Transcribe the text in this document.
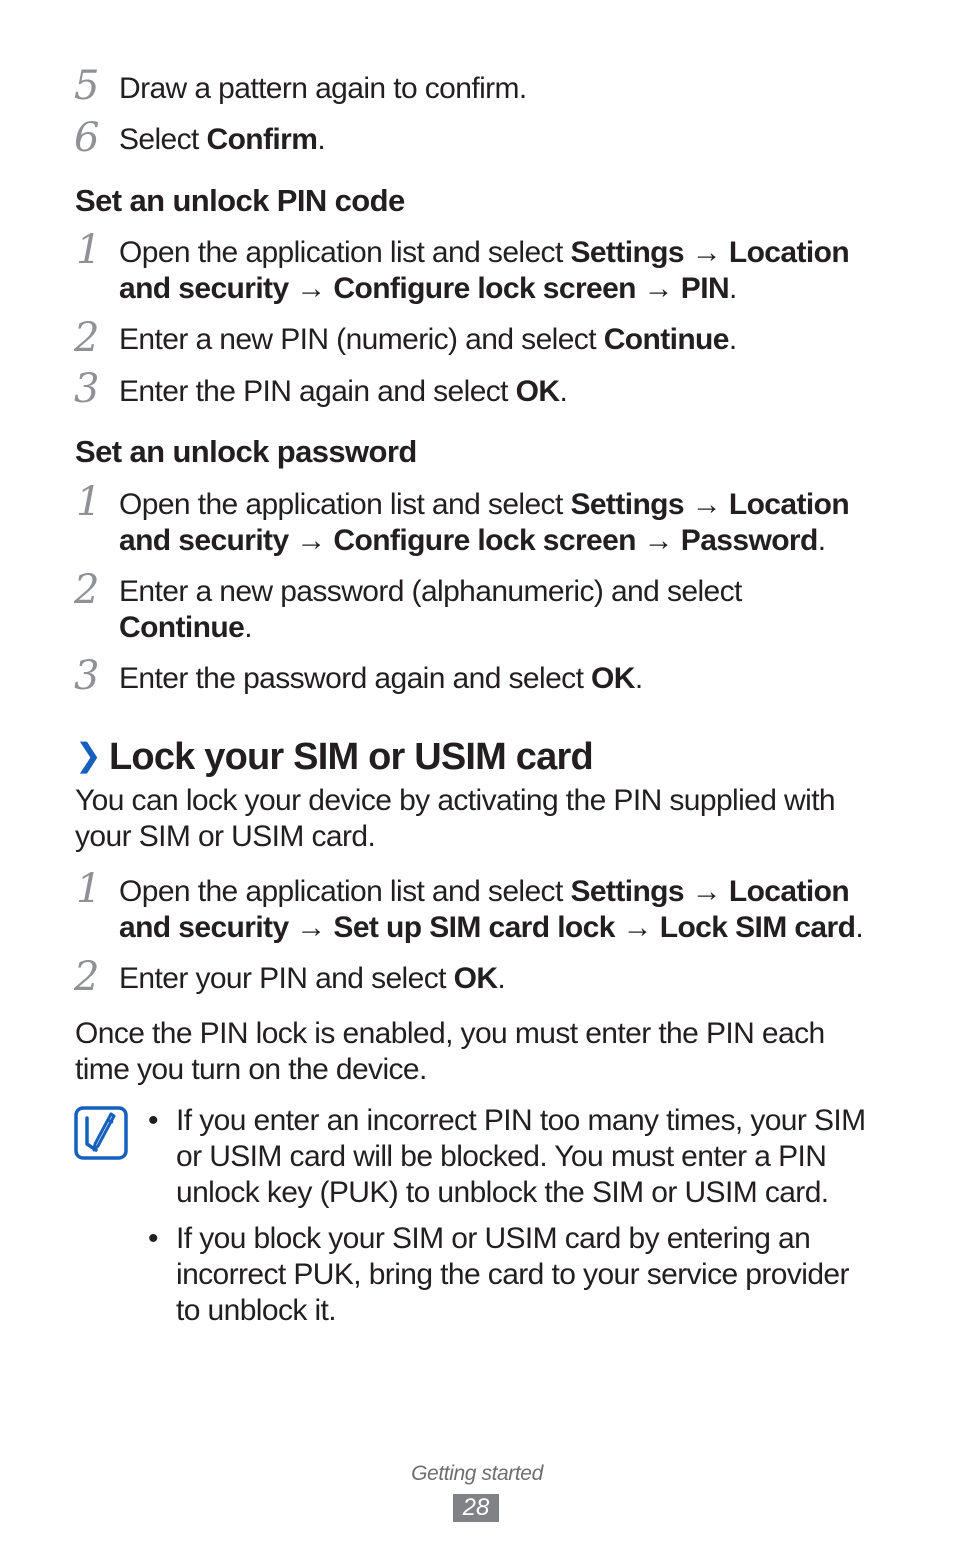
5 Draw a pattern again to confirm.
6 Select Confirm.
Set an unlock PIN code
1 Open the application list and select Settings → Location
and security → Configure lock screen → PIN.
2 Enter a new PIN (numeric) and select Continue.
3 Enter the PIN again and select OK.
Set an unlock password
1 Open the application list and select Settings → Location
and security → Configure lock screen → Password.
2 Enter a new password (alphanumeric) and select
Continue.
3 Enter the password again and select OK.
❯ Lock your SIM or USIM card
You can lock your device by activating the PIN supplied with
your SIM or USIM card.
1 Open the application list and select Settings → Location
and security → Set up SIM card lock → Lock SIM card.
2 Enter your PIN and select OK.
Once the PIN lock is enabled, you must enter the PIN each
time you turn on the device.
• If you enter an incorrect PIN too many times, your SIM
or USIM card will be blocked. You must enter a PIN
unlock key (PUK) to unblock the SIM or USIM card.
• If you block your SIM or USIM card by entering an
incorrect PUK, bring the card to your service provider
to unblock it.
Getting started
28
